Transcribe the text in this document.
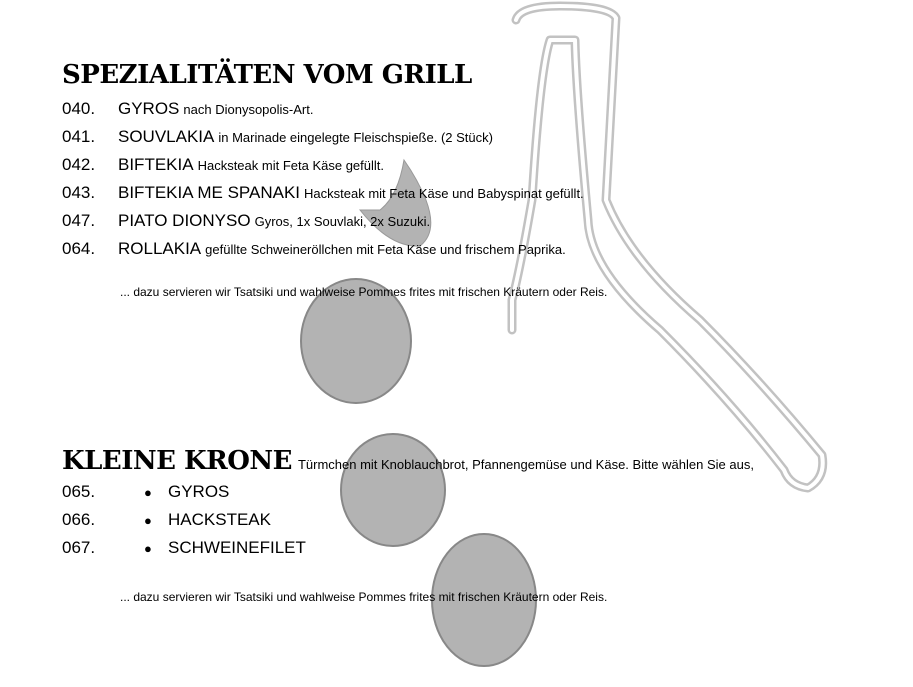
SPEZIALITÄTEN VOM GRILL
040. GYROS nach Dionysopolis-Art.
041. SOUVLAKIA in Marinade eingelegte Fleischspieße. (2 Stück)
042. BIFTEKIA Hacksteak mit Feta Käse gefüllt.
043. BIFTEKIA ME SPANAKI Hacksteak mit Feta Käse und Babyspinat gefüllt.
047. PIATO DIONYSO Gyros, 1x Souvlaki, 2x Suzuki.
064. ROLLAKIA gefüllte Schweineröllchen mit Feta Käse und frischem Paprika.

... dazu servieren wir Tsatsiki und wahlweise Pommes frites mit frischen Kräutern oder Reis.

KLEINE KRONE Türmchen mit Knoblauchbrot, Pfannengemüse und Käse. Bitte wählen Sie aus,
065.	● GYROS
066.	● HACKSTEAK
067.	● SCHWEINEFILET

... dazu servieren wir Tsatsiki und wahlweise Pommes frites mit frischen Kräutern oder Reis.
